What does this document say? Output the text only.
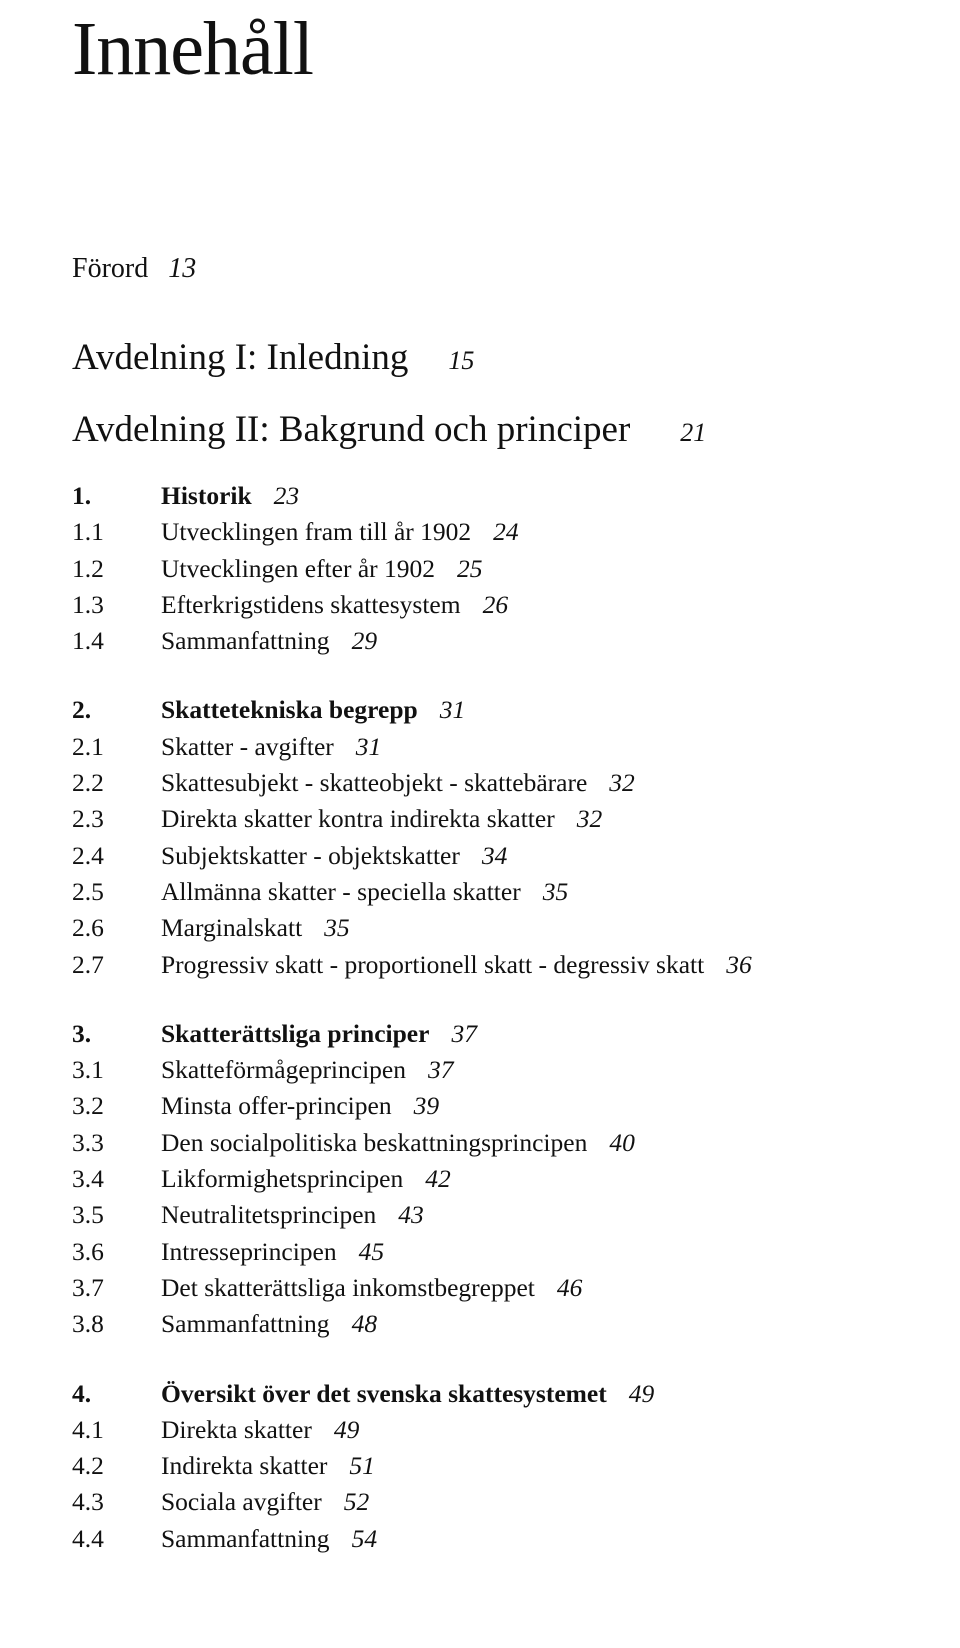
Innehåll
Förord 13
Avdelning I: Inledning 15
Avdelning II: Bakgrund och principer 21
1.	Historik 23
1.1 Utvecklingen fram till år 1902 24
1.2 Utvecklingen efter år 1902 25
1.3 Efterkrigstidens skattesystem 26
1.4 Sammanfattning 29
2.	Skattetekniska begrepp 31
2.1 Skatter - avgifter 31
2.2 Skattesubjekt - skatteobjekt - skattebärare 32
2.3 Direkta skatter kontra indirekta skatter 32
2.4 Subjektskatter - objektskatter 34
2.5 Allmänna skatter - speciella skatter 35
2.6 Marginalskatt 35
2.7 Progressiv skatt - proportionell skatt - degressiv skatt 36
3.	Skatterättsliga principer 37
3.1 Skatteförmågeprincipen 37
3.2 Minsta offer-principen 39
3.3 Den socialpolitiska beskattningsprincipen 40
3.4 Likformighetsprincipen 42
3.5 Neutralitetsprincipen 43
3.6 Intresseprincipen 45
3.7 Det skatterättsliga inkomstbegreppet 46
3.8 Sammanfattning 48
4.	Översikt över det svenska skattesystemet 49
4.1 Direkta skatter 49
4.2 Indirekta skatter 51
4.3 Sociala avgifter 52
4.4 Sammanfattning 54
